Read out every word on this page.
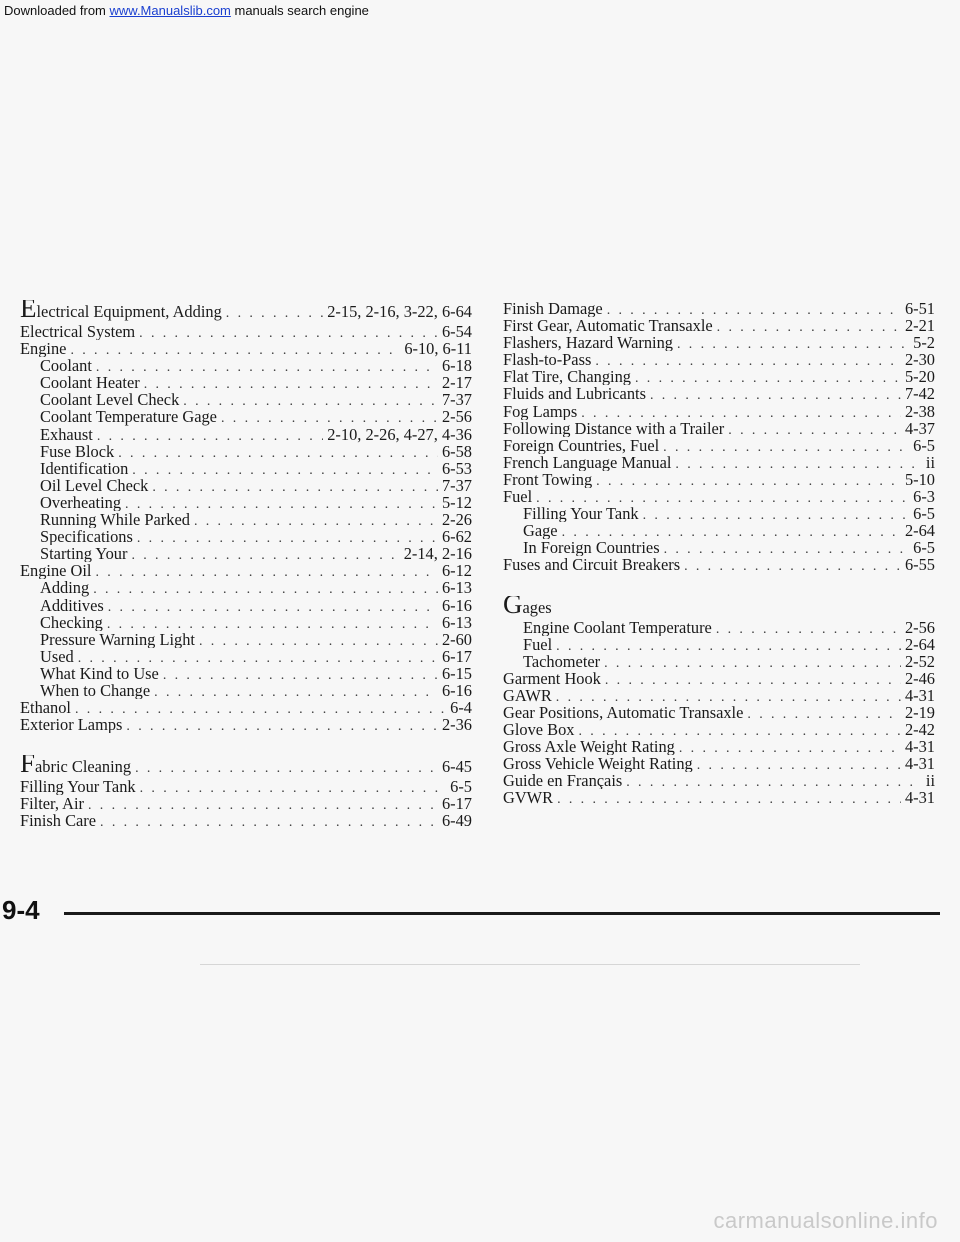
Downloaded from www.Manualslib.com manuals search engine
Electrical Equipment, Adding . . .	2-15, 2-16, 3-22, 6-64
Electrical System . . .	6-54
Engine . . .	6-10, 6-11
Coolant . . .	6-18
Coolant Heater . . .	2-17
Coolant Level Check . . .	7-37
Coolant Temperature Gage . . .	2-56
Exhaust . . .	2-10, 2-26, 4-27, 4-36
Fuse Block . . .	6-58
Identification . . .	6-53
Oil Level Check . . .	7-37
Overheating . . .	5-12
Running While Parked . . .	2-26
Specifications . . .	6-62
Starting Your . . .	2-14, 2-16
Engine Oil . . .	6-12
Adding . . .	6-13
Additives . . .	6-16
Checking . . .	6-13
Pressure Warning Light . . .	2-60
Used . . .	6-17
What Kind to Use . . .	6-15
When to Change . . .	6-16
Ethanol . . .	6-4
Exterior Lamps . . .	2-36
Fabric Cleaning . . .	6-45
Filling Your Tank . . .	6-5
Filter, Air . . .	6-17
Finish Care . . .	6-49
Finish Damage . . .	6-51
First Gear, Automatic Transaxle . . .	2-21
Flashers, Hazard Warning . . .	5-2
Flash-to-Pass . . .	2-30
Flat Tire, Changing . . .	5-20
Fluids and Lubricants . . .	7-42
Fog Lamps . . .	2-38
Following Distance with a Trailer . . .	4-37
Foreign Countries, Fuel . . .	6-5
French Language Manual . . .	ii
Front Towing . . .	5-10
Fuel . . .	6-3
Filling Your Tank . . .	6-5
Gage . . .	2-64
In Foreign Countries . . .	6-5
Fuses and Circuit Breakers . . .	6-55
Gages
Engine Coolant Temperature . . .	2-56
Fuel . . .	2-64
Tachometer . . .	2-52
Garment Hook . . .	2-46
GAWR . . .	4-31
Gear Positions, Automatic Transaxle . . .	2-19
Glove Box . . .	2-42
Gross Axle Weight Rating . . .	4-31
Gross Vehicle Weight Rating . . .	4-31
Guide en Français . . .	ii
GVWR . . .	4-31
9-4
carmanualsonline.info
